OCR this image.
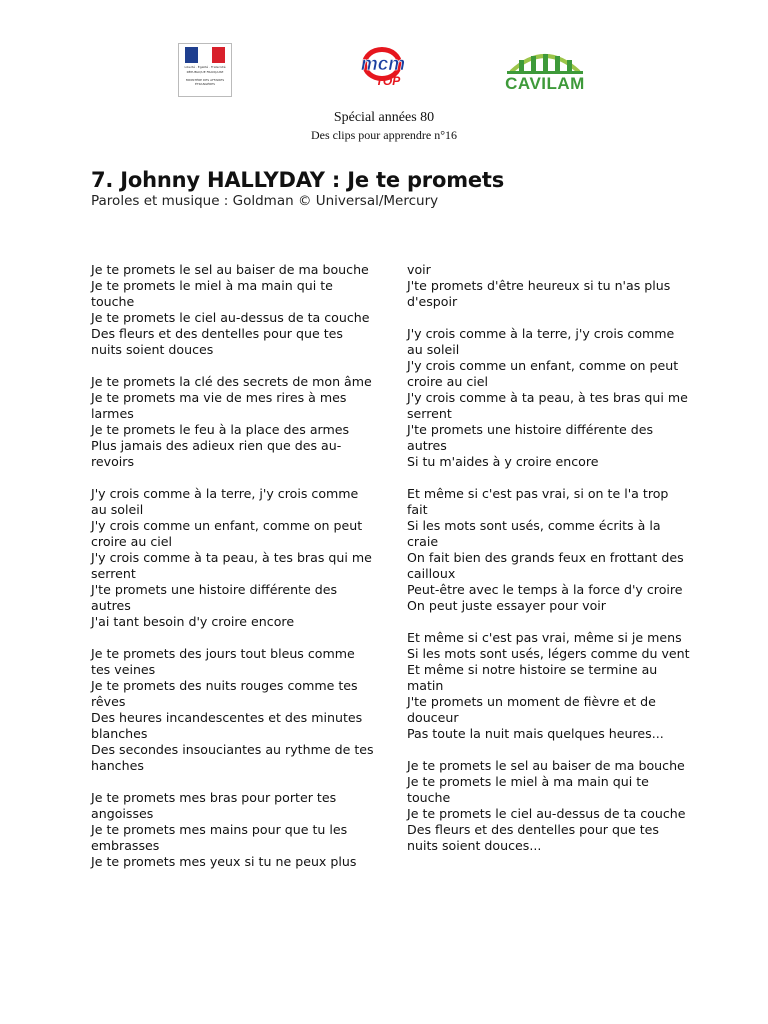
Liberté · Égalité · Fraternité
RÉPUBLIQUE FRANÇAISE
MINISTÈRE DES AFFAIRES ÉTRANGÈRES
mcm
TOP	CAVILAM
Spécial années 80
Des clips pour apprendre n°16
7. Johnny HALLYDAY : Je te promets
Paroles et musique : Goldman © Universal/Mercury
Je te promets le sel au baiser de ma bouche
Je te promets le miel à ma main qui te
touche
Je te promets le ciel au-dessus de ta couche
Des fleurs et des dentelles pour que tes
nuits soient douces
Je te promets la clé des secrets de mon âme
Je te promets ma vie de mes rires à mes
larmes
Je te promets le feu à la place des armes
Plus jamais des adieux rien que des au-
revoirs
J'y crois comme à la terre, j'y crois comme
au soleil
J'y crois comme un enfant, comme on peut
croire au ciel
J'y crois comme à ta peau, à tes bras qui me
serrent
J'te promets une histoire différente des
autres
J'ai tant besoin d'y croire encore
Je te promets des jours tout bleus comme
tes veines
Je te promets des nuits rouges comme tes
rêves
Des heures incandescentes et des minutes
blanches
Des secondes insouciantes au rythme de tes
hanches
Je te promets mes bras pour porter tes
angoisses
Je te promets mes mains pour que tu les
embrasses
Je te promets mes yeux si tu ne peux plus
voir
J'te promets d'être heureux si tu n'as plus
d'espoir
J'y crois comme à la terre, j'y crois comme
au soleil
J'y crois comme un enfant, comme on peut
croire au ciel
J'y crois comme à ta peau, à tes bras qui me
serrent
J'te promets une histoire différente des
autres
Si tu m'aides à y croire encore
Et même si c'est pas vrai, si on te l'a trop
fait
Si les mots sont usés, comme écrits à la
craie
On fait bien des grands feux en frottant des
cailloux
Peut-être avec le temps à la force d'y croire
On peut juste essayer pour voir
Et même si c'est pas vrai, même si je mens
Si les mots sont usés, légers comme du vent
Et même si notre histoire se termine au
matin
J'te promets un moment de fièvre et de
douceur
Pas toute la nuit mais quelques heures...
Je te promets le sel au baiser de ma bouche
Je te promets le miel à ma main qui te
touche
Je te promets le ciel au-dessus de ta couche
Des fleurs et des dentelles pour que tes
nuits soient douces...
